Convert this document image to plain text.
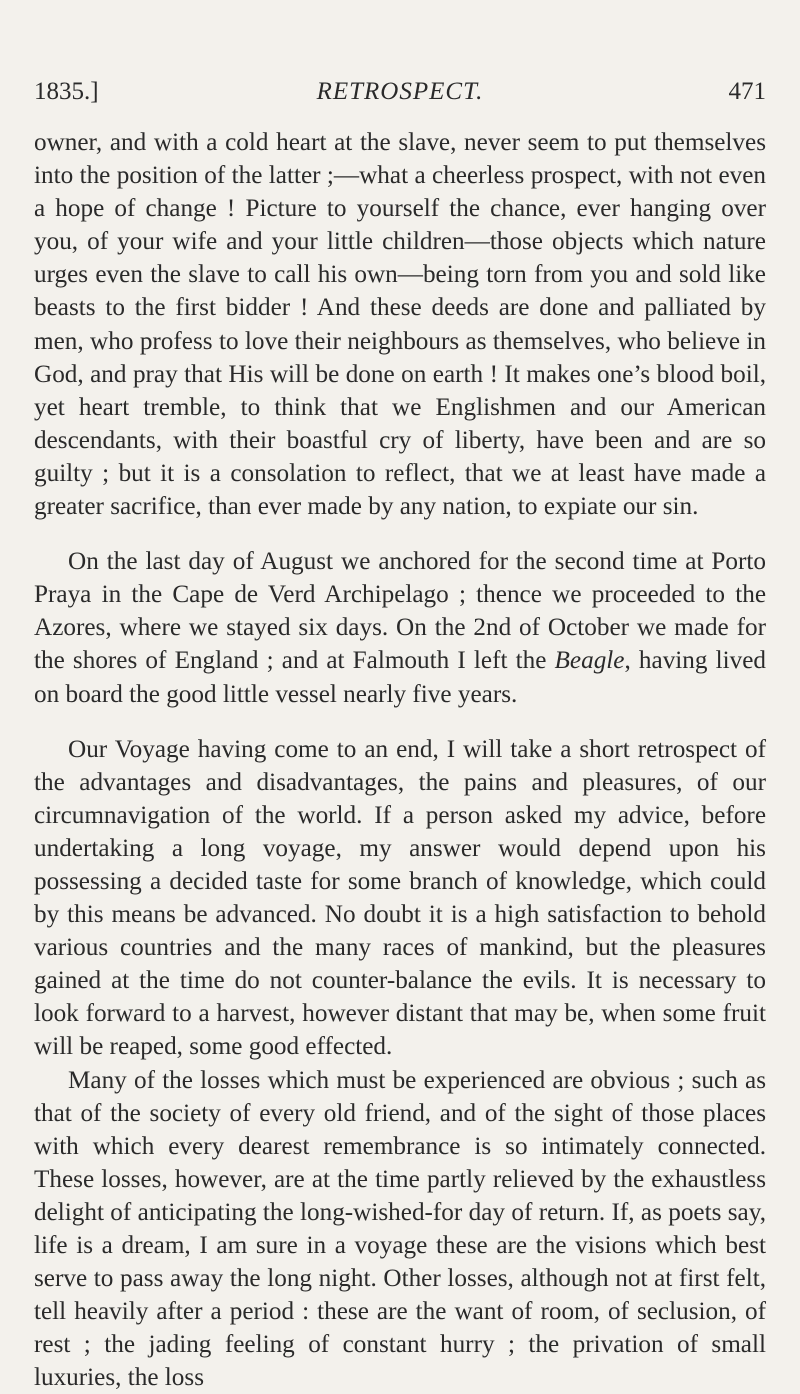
1835.]	RETROSPECT.	471

owner, and with a cold heart at the slave, never seem to put themselves into the position of the latter ;—what a cheerless prospect, with not even a hope of change ! Picture to yourself the chance, ever hanging over you, of your wife and your little children—those objects which nature urges even the slave to call his own—being torn from you and sold like beasts to the first bidder ! And these deeds are done and palliated by men, who profess to love their neighbours as themselves, who believe in God, and pray that His will be done on earth ! It makes one’s blood boil, yet heart tremble, to think that we Englishmen and our American descendants, with their boastful cry of liberty, have been and are so guilty ; but it is a consolation to reflect, that we at least have made a greater sacrifice, than ever made by any nation, to expiate our sin.

On the last day of August we anchored for the second time at Porto Praya in the Cape de Verd Archipelago ; thence we proceeded to the Azores, where we stayed six days. On the 2nd of October we made for the shores of England ; and at Falmouth I left the Beagle, having lived on board the good little vessel nearly five years.

Our Voyage having come to an end, I will take a short retrospect of the advantages and disadvantages, the pains and pleasures, of our circumnavigation of the world. If a person asked my advice, before undertaking a long voyage, my answer would depend upon his possessing a decided taste for some branch of knowledge, which could by this means be advanced. No doubt it is a high satisfaction to behold various countries and the many races of mankind, but the pleasures gained at the time do not counter-balance the evils. It is necessary to look forward to a harvest, however distant that may be, when some fruit will be reaped, some good effected.

Many of the losses which must be experienced are obvious ; such as that of the society of every old friend, and of the sight of those places with which every dearest remembrance is so intimately connected. These losses, however, are at the time partly relieved by the exhaustless delight of anticipating the long-wished-for day of return. If, as poets say, life is a dream, I am sure in a voyage these are the visions which best serve to pass away the long night. Other losses, although not at first felt, tell heavily after a period : these are the want of room, of seclusion, of rest ; the jading feeling of constant hurry ; the privation of small luxuries, the loss
